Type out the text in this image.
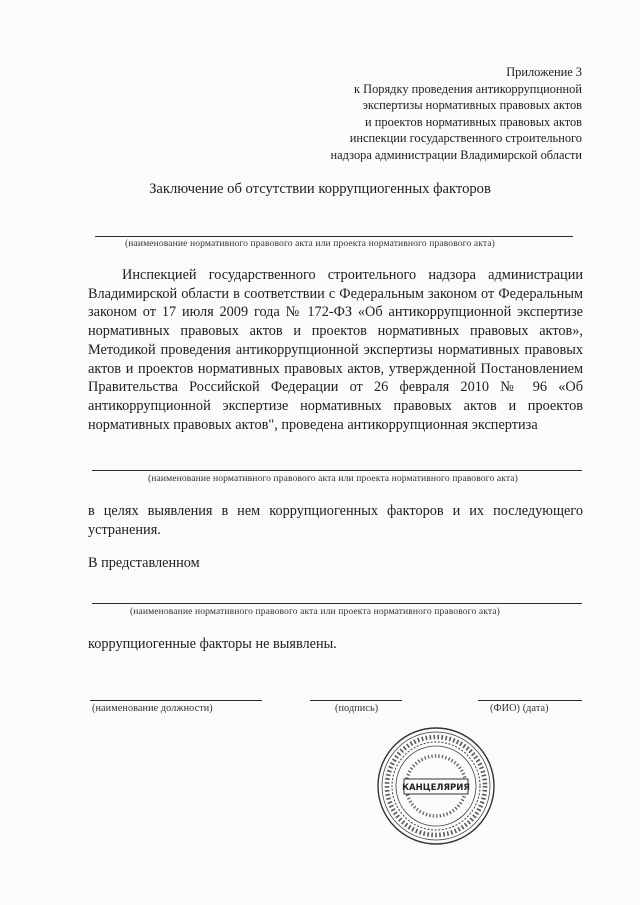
Приложение 3
к Порядку проведения антикоррупционной
экспертизы нормативных правовых актов
и проектов нормативных правовых актов
инспекции государственного строительного
надзора администрации Владимирской области
Заключение об отсутствии коррупциогенных факторов
(наименование нормативного правового акта или проекта нормативного правового акта)

Инспекцией государственного строительного надзора администрации Владимирской области в соответствии с Федеральным законом от Федеральным законом от 17 июля 2009 года № 172-ФЗ «Об антикоррупционной экспертизе нормативных правовых актов и проектов нормативных правовых актов», Методикой проведения антикоррупционной экспертизы нормативных правовых актов и проектов нормативных правовых актов, утвержденной Постановлением Правительства Российской Федерации от 26 февраля 2010 № 96 «Об антикоррупционной экспертизе нормативных правовых актов и проектов нормативных правовых актов", проведена антикоррупционная экспертиза

(наименование нормативного правового акта или проекта нормативного правового акта)
в целях выявления в нем коррупциогенных факторов и их последующего устранения.
В представленном
(наименование нормативного правового акта или проекта нормативного правового акта)
коррупциогенные факторы не выявлены.
(наименование должности)	(подпись)	(ФИО) (дата)
КАНЦЕЛЯРИЯ
